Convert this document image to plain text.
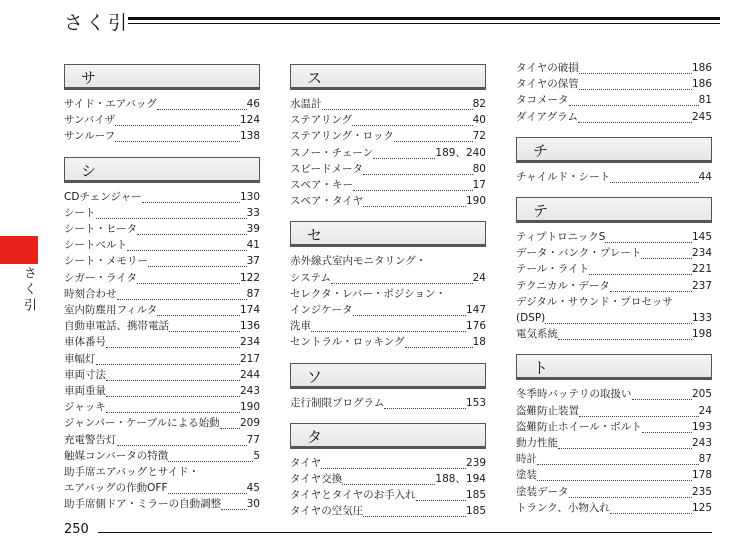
さく引
さく引
サ
サイド・エアバッグ	46
サンバイザ	124
サンルーフ	138
シ
CDチェンジャー	130
シート	33
シート・ヒータ	39
シートベルト	41
シート・メモリー	37
シガー・ライタ	122
時刻合わせ	87
室内防塵用フィルタ	174
自動車電話、携帯電話	136
車体番号	234
車幅灯	217
車両寸法	244
車両重量	243
ジャッキ	190
ジャンパー・ケーブルによる始動 209
充電警告灯	77
触媒コンバータの特徴	5
助手席エアバッグとサイド・
エアバッグの作動OFF	45
助手席側ドア・ミラーの自動調整 30
ス
水温計	82
ステアリング	40
ステアリング・ロック	72
スノー・チェーン	189、240
スピードメータ	80
スペア・キー	17
スペア・タイヤ	190
セ
赤外線式室内モニタリング・
システム	24
セレクタ・レバー・ポジション・
インジケータ	147
洗車	176
セントラル・ロッキング	18
ソ
走行制限プログラム	153
タ
タイヤ	239
タイヤ交換	188、194
タイヤとタイヤのお手入れ	185
タイヤの空気圧	185
タイヤの破損	186
タイヤの保管	186
タコメータ	81
ダイアグラム	245
チ
チャイルド・シート	44
テ
ティプトロニックS	145
データ・バンク・プレート	234
テール・ライト	221
テクニカル・データ	237
デジタル・サウンド・プロセッサ
(DSP)	133
電気系統	198
ト
冬季時バッテリの取扱い	205
盗難防止装置	24
盗難防止ホイール・ボルト	193
動力性能	243
時計	87
塗装	178
塗装データ	235
トランク、小物入れ	125
250
